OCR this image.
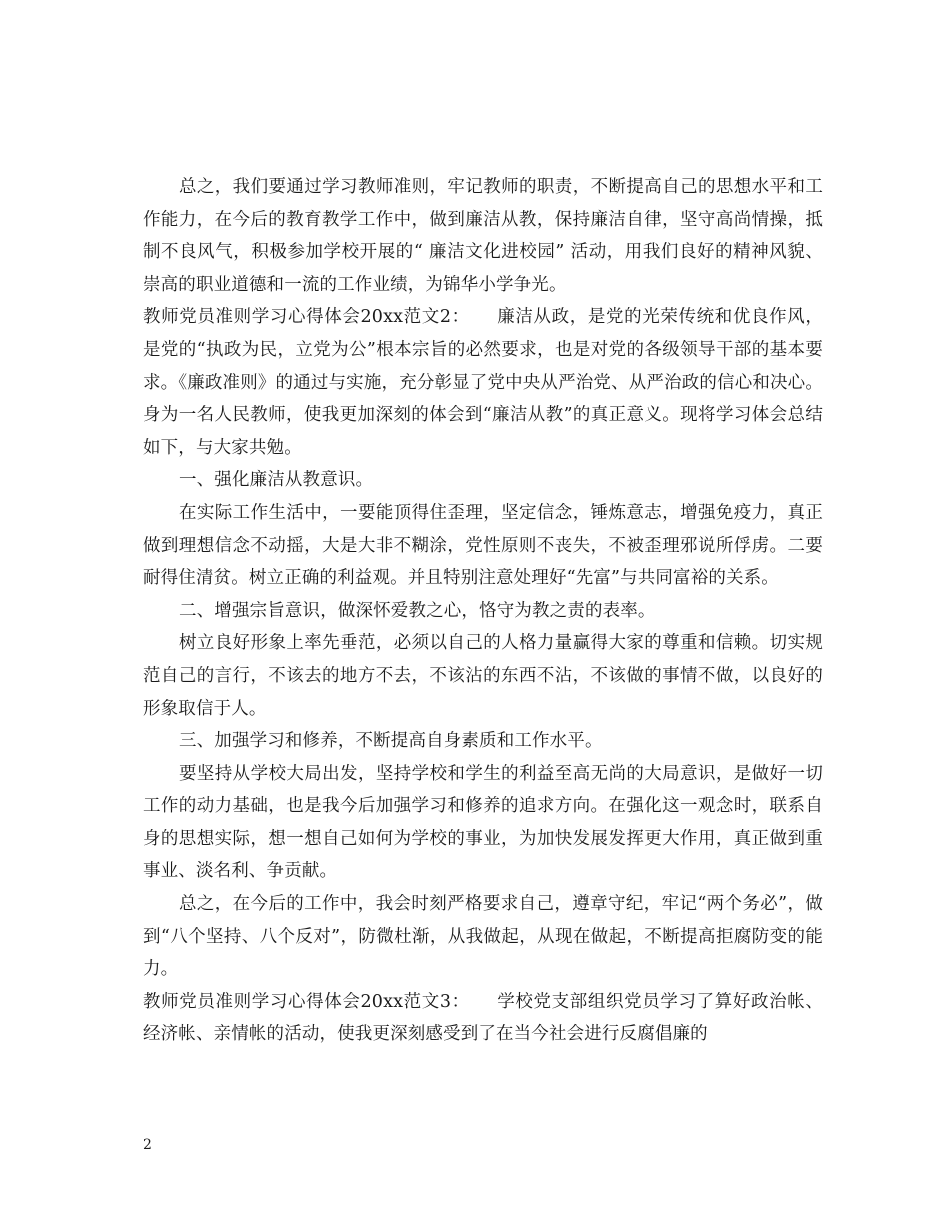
总之，我们要通过学习教师准则，牢记教师的职责，不断提高自己的思想水平和工作能力，在今后的教育教学工作中，做到廉洁从教，保持廉洁自律，坚守高尚情操，抵制不良风气，积极参加学校开展的“ 廉洁文化进校园” 活动，用我们良好的精神风貌、崇高的职业道德和一流的工作业绩，为锦华小学争光。

教师党员准则学习心得体会20xx范文2：　　廉洁从政，是党的光荣传统和优良作风，是党的“执政为民，立党为公”根本宗旨的必然要求，也是对党的各级领导干部的基本要求。《廉政准则》的通过与实施，充分彰显了党中央从严治党、从严治政的信心和决心。身为一名人民教师，使我更加深刻的体会到“廉洁从教”的真正意义。现将学习体会总结如下，与大家共勉。

一、强化廉洁从教意识。

在实际工作生活中，一要能顶得住歪理，坚定信念，锤炼意志，增强免疫力，真正做到理想信念不动摇，大是大非不糊涂，党性原则不丧失，不被歪理邪说所俘虏。二要耐得住清贫。树立正确的利益观。并且特别注意处理好“先富”与共同富裕的关系。

二、增强宗旨意识，做深怀爱教之心，恪守为教之责的表率。

树立良好形象上率先垂范，必须以自己的人格力量赢得大家的尊重和信赖。切实规范自己的言行，不该去的地方不去，不该沾的东西不沾，不该做的事情不做，以良好的形象取信于人。

三、加强学习和修养，不断提高自身素质和工作水平。

要坚持从学校大局出发，坚持学校和学生的利益至高无尚的大局意识，是做好一切工作的动力基础，也是我今后加强学习和修养的追求方向。在强化这一观念时，联系自身的思想实际，想一想自己如何为学校的事业，为加快发展发挥更大作用，真正做到重事业、淡名利、争贡献。

总之，在今后的工作中，我会时刻严格要求自己，遵章守纪，牢记“两个务必”，做到“八个坚持、八个反对”，防微杜渐，从我做起，从现在做起，不断提高拒腐防变的能力。

教师党员准则学习心得体会20xx范文3：　　学校党支部组织党员学习了算好政治帐、经济帐、亲情帐的活动，使我更深刻感受到了在当今社会进行反腐倡廉的

2
